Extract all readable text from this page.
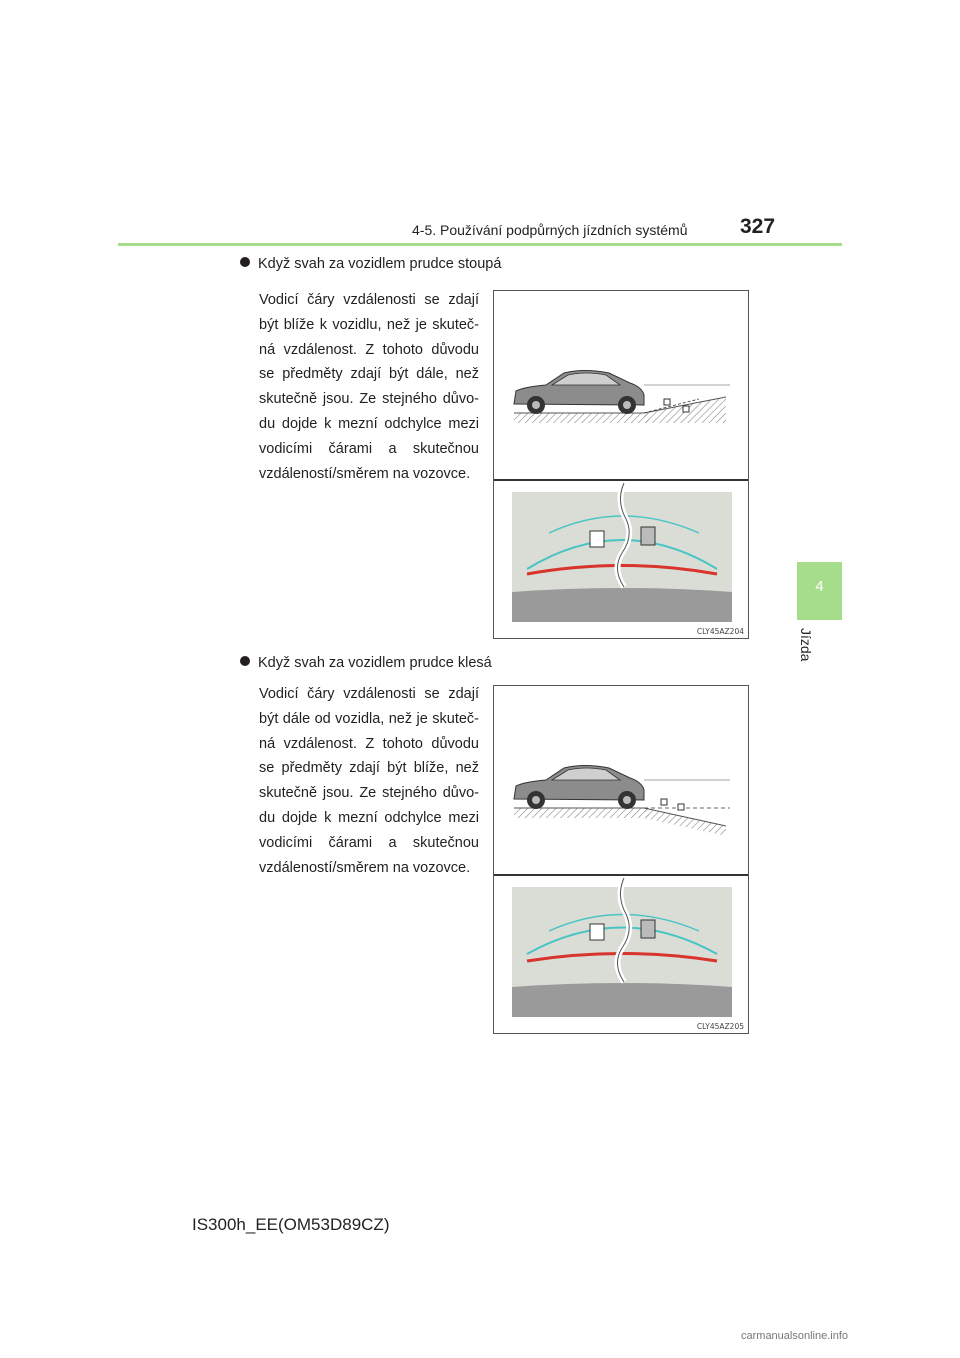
4-5. Používání podpůrných jízdních systémů	327
4
Jízda
Když svah za vozidlem prudce stoupá
Vodicí čáry vzdálenosti se zdají být blíže k vozidlu, než je skuteč-ná vzdálenost. Z tohoto důvodu se předměty zdají být dále, než skutečně jsou. Ze stejného důvo-du dojde k mezní odchylce mezi vodicími čárami a skutečnou vzdáleností/směrem na vozovce.
CLY45AZ204
Když svah za vozidlem prudce klesá
Vodicí čáry vzdálenosti se zdají být dále od vozidla, než je skuteč-ná vzdálenost. Z tohoto důvodu se předměty zdají být blíže, než skutečně jsou. Ze stejného důvo-du dojde k mezní odchylce mezi vodicími čárami a skutečnou vzdáleností/směrem na vozovce.
CLY45AZ205
IS300h_EE(OM53D89CZ)
carmanualsonline.info
